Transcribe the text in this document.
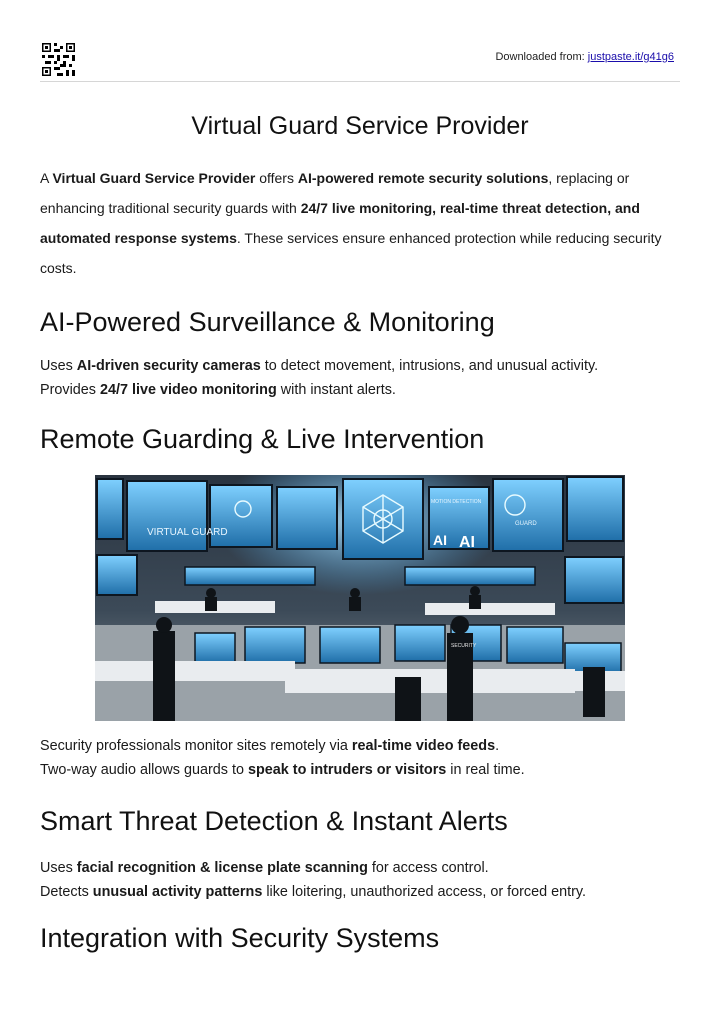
Downloaded from: justpaste.it/g41g6
Virtual Guard Service Provider

A Virtual Guard Service Provider offers AI-powered remote security solutions, replacing or enhancing traditional security guards with 24/7 live monitoring, real-time threat detection, and automated response systems. These services ensure enhanced protection while reducing security costs.

AI-Powered Surveillance & Monitoring

Uses AI-driven security cameras to detect movement, intrusions, and unusual activity.
Provides 24/7 live video monitoring with instant alerts.

Remote Guarding & Live Intervention
VIRTUAL GUARD
MOTION DETECTION
AI AI
GUARD
SECURITY

Security professionals monitor sites remotely via real-time video feeds.
Two-way audio allows guards to speak to intruders or visitors in real time.

Smart Threat Detection & Instant Alerts

Uses facial recognition & license plate scanning for access control.
Detects unusual activity patterns like loitering, unauthorized access, or forced entry.

Integration with Security Systems
